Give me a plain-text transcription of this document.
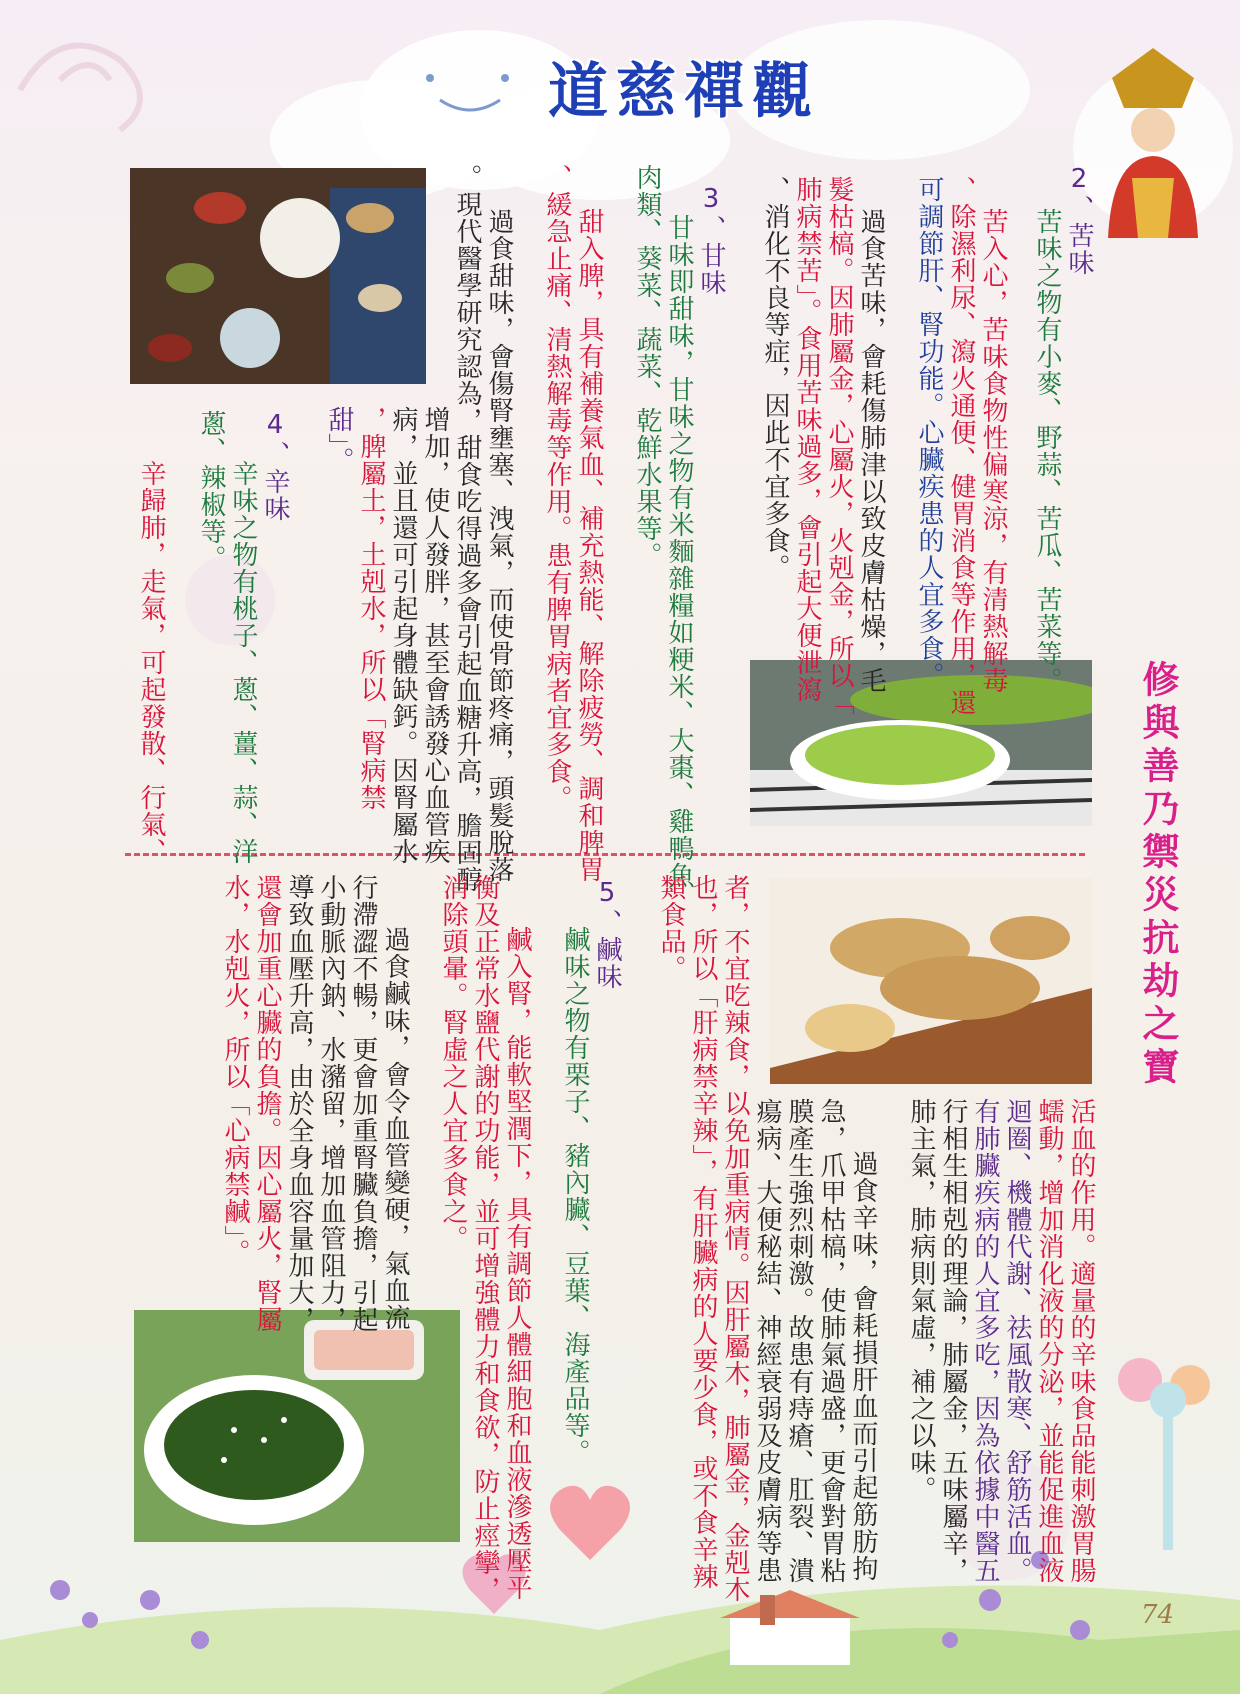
道慈禪觀
修與善乃禦災抗劫之寶
2、苦味
苦味之物有小麥、野蒜、苦瓜、苦菜等。
苦入心，苦味食物性偏寒涼，有清熱解毒
、除濕利尿、瀉火通便、健胃消食等作用，還
可調節肝、腎功能。心臟疾患的人宜多食。
過食苦味，會耗傷肺津以致皮膚枯燥，毛
髮枯槁。因肺屬金，心屬火，火剋金，所以「
肺病禁苦」。食用苦味過多，會引起大便泄瀉
、消化不良等症，因此不宜多食。
3、甘味
甘味即甜味，甘味之物有米麵雜糧如粳米、大棗、雞鴨魚
肉類、葵菜、蔬菜、乾鮮水果等。
甜入脾，具有補養氣血、補充熱能、解除疲勞、調和脾胃
、緩急止痛、清熱解毒等作用。患有脾胃病者宜多食。
過食甜味，會傷腎壅塞、洩氣，而使骨節疼痛，頭髮脫落
。現代醫學研究認為，甜食吃得過多會引起血糖升高，膽固醇
增加，使人發胖，甚至會誘發心血管疾
病，並且還可引起身體缺鈣。因腎屬水
，脾屬土，土剋水，所以「腎病禁
甜」。
4、辛味
辛味之物有桃子、蔥、薑、蒜、洋
蔥、辣椒等。
辛歸肺，走氣，可起發散、行氣、
活血的作用。適量的辛味食品能刺激胃腸
蠕動，增加消化液的分泌，並能促進血液
迴圈、機體代謝、祛風散寒、舒筋活血。
有肺臟疾病的人宜多吃，因為依據中醫五
行相生相剋的理論，肺屬金，五味屬辛，
肺主氣，肺病則氣虛，補之以味。
過食辛味，會耗損肝血而引起筋肪拘
急，爪甲枯槁，使肺氣過盛，更會對胃粘
膜產生強烈刺激。故患有痔瘡、肛裂、潰
瘍病、大便秘結、神經衰弱及皮膚病等患
者，不宜吃辣食，以免加重病情。因肝屬木，肺屬金，金剋木
也，所以「肝病禁辛辣」，有肝臟病的人要少食，或不食辛辣
類食品。
5、鹹味
鹹味之物有栗子、豬內臟、豆葉、海產品等。
鹹入腎，能軟堅潤下，具有調節人體細胞和血液滲透壓平
衡及正常水鹽代謝的功能，並可增強體力和食欲，防止痙攣，
消除頭暈。腎虛之人宜多食之。
過食鹹味，會令血管變硬，氣血流
行滯澀不暢，更會加重腎臟負擔，引起
小動脈內鈉、水瀦留，增加血管阻力，
導致血壓升高，由於全身血容量加大，
還會加重心臟的負擔。因心屬火，腎屬
水，水剋火，所以「心病禁鹹」。
74
